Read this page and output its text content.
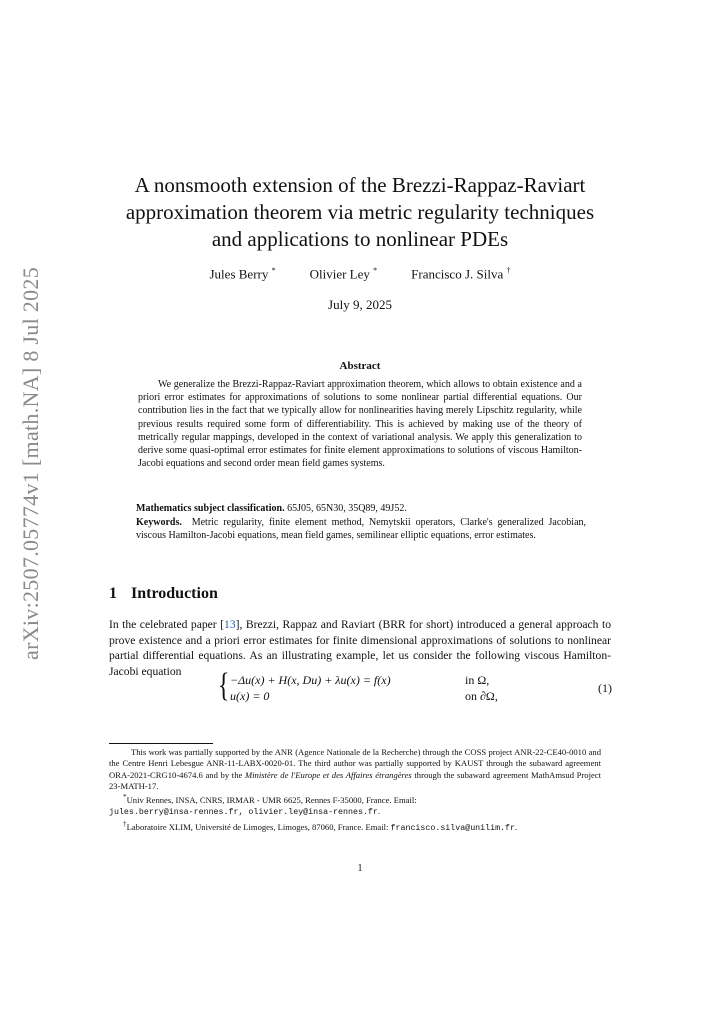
arXiv:2507.05774v1 [math.NA] 8 Jul 2025
A nonsmooth extension of the Brezzi-Rappaz-Raviart
approximation theorem via metric regularity techniques
and applications to nonlinear PDEs
Jules Berry *	Olivier Ley *	Francisco J. Silva †
July 9, 2025
Abstract
We generalize the Brezzi-Rappaz-Raviart approximation theorem, which allows to obtain existence and a priori error estimates for approximations of solutions to some nonlinear partial differential equations. Our contribution lies in the fact that we typically allow for nonlinearities having merely Lipschitz regularity, while previous results required some form of differentiability. This is achieved by making use of the theory of metrically regular mappings, developed in the context of variational analysis. We apply this generalization to derive some quasi-optimal error estimates for finite element approximations to solutions of viscous Hamilton-Jacobi equations and second order mean field games systems.
Mathematics subject classification. 65J05, 65N30, 35Q89, 49J52.
Keywords. Metric regularity, finite element method, Nemytskii operators, Clarke's generalized Jacobian, viscous Hamilton-Jacobi equations, mean field games, semilinear elliptic equations, error estimates.
1 Introduction
In the celebrated paper [13], Brezzi, Rappaz and Raviart (BRR for short) introduced a general approach to prove existence and a priori error estimates for finite dimensional approximations of solutions to nonlinear partial differential equations. As an illustrating example, let us consider the following viscous Hamilton-Jacobi equation	{ −Δu(x) + H(x, Du) + λu(x) = f(x)
u(x) = 0
in Ω,
on ∂Ω,
(1)

This work was partially supported by the ANR (Agence Nationale de la Recherche) through the COSS project ANR-22-CE40-0010 and the Centre Henri Lebesgue ANR-11-LABX-0020-01. The third author was partially supported by KAUST through the subaward agreement ORA-2021-CRG10-4674.6 and by the Ministère de l'Europe et des Affaires étrangères through the subaward agreement MathAmsud Project 23-MATH-17.

*Univ Rennes, INSA, CNRS, IRMAR - UMR 6625, Rennes F-35000, France. Email:

jules.berry@insa-rennes.fr, olivier.ley@insa-rennes.fr.

†Laboratoire XLIM, Université de Limoges, Limoges, 87060, France. Email: francisco.silva@unilim.fr.

1
